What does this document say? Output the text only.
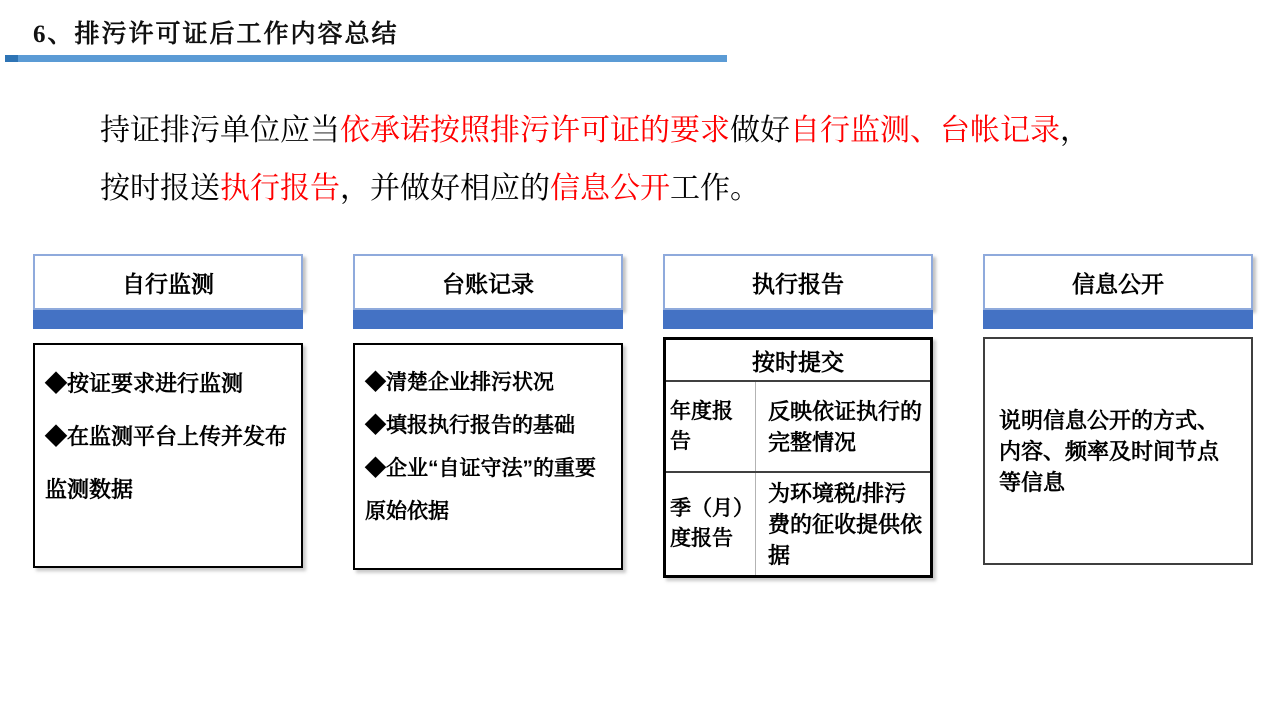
6、排污许可证后工作内容总结

持证排污单位应当依承诺按照排污许可证的要求做好自行监测、台帐记录，

按时报送执行报告，并做好相应的信息公开工作。

自行监测
◆按证要求进行监测
◆在监测平台上传并发布监测数据
台账记录
◆清楚企业排污状况
◆填报执行报告的基础
◆企业“自证守法”的重要原始依据
执行报告
按时提交
年度报告
反映依证执行的完整情况
季（月）度报告
为环境税/排污费的征收提供依据
信息公开

说明信息公开的方式、内容、频率及时间节点等信息
